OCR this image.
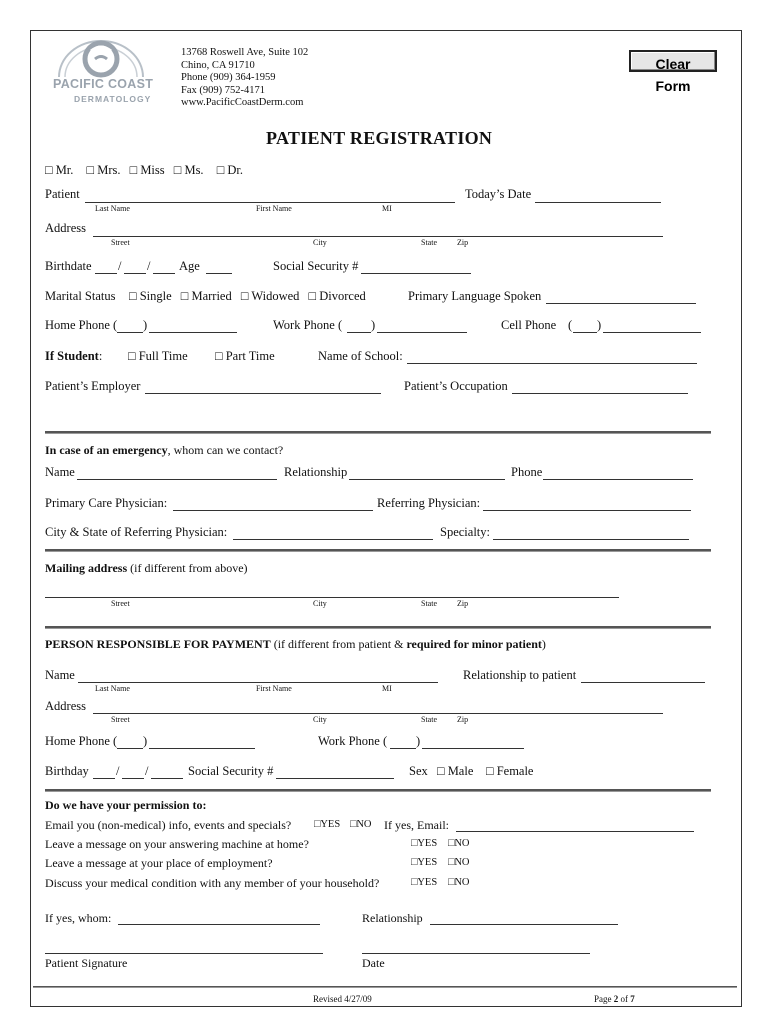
PACIFIC COAST
DERMATOLOGY
13768 Roswell Ave, Suite 102
Chino, CA 91710
Phone (909) 364-1959
Fax (909) 752-4171
www.PacificCoastDerm.com
Clear Form
PATIENT REGISTRATION
□ Mr. □ Mrs. □ Miss □ Ms. □ Dr.
Patient
Last Name	First Name	MI
Today’s Date
Address
Street	City	State	Zip
Birthdate / / Age	Social Security #
Marital Status □ Single □ Married □ Widowed □ Divorced	Primary Language Spoken
Home Phone ( )	Work Phone ( )	Cell Phone ( )
If Student: □ Full Time □ Part Time	Name of School:
Patient’s Employer	Patient’s Occupation
In case of an emergency, whom can we contact?
Name	Relationship	Phone
Primary Care Physician:	Referring Physician:
City & State of Referring Physician:	Specialty:
Mailing address (if different from above)
Street	City	State	Zip
PERSON RESPONSIBLE FOR PAYMENT (if different from patient & required for minor patient)
Name
Last Name	First Name	MI
Relationship to patient
Address
Street	City	State	Zip
Home Phone ( )	Work Phone ( )
Birthday / /	Social Security #	Sex □ Male □ Female
Do we have your permission to:
Email you (non-medical) info, events and specials? □YES □NO If yes, Email:
Leave a message on your answering machine at home?	□YES □NO
Leave a message at your place of employment?	□YES □NO
Discuss your medical condition with any member of your household?	□YES □NO
If yes, whom:	Relationship
Patient Signature	Date
Revised 4/27/09	Page 2 of 7
